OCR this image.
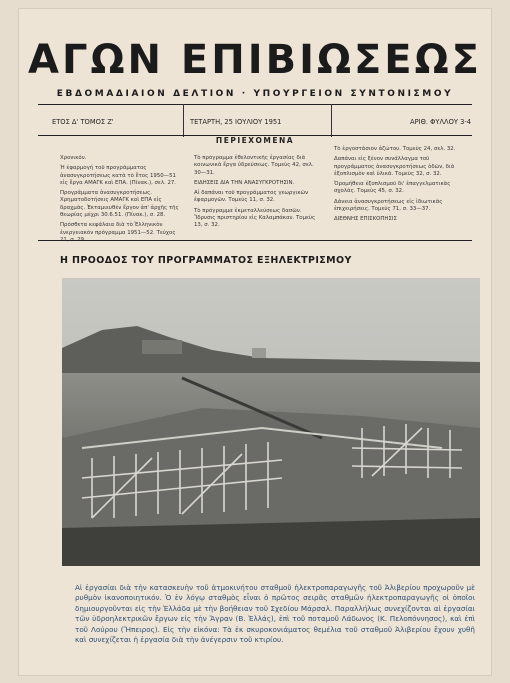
ΑΓΩΝ ΕΠΙΒΙΩΣΕΩΣ
ΕΒΔΟΜΑΔΙΑΙΟΝ ΔΕΛΤΙΟΝ · ΥΠΟΥΡΓΕΙΟΝ ΣΥΝΤΟΝΙΣΜΟΥ
ΕΤΟΣ Δ' ΤΟΜΟΣ Ζ'	ΤΕΤΑΡΤΗ, 25 ΙΟΥΛΙΟΥ 1951	ΑΡΙΘ. ΦΥΛΛΟΥ 3-4
ΠΕΡΙΕΧΟΜΕΝΑ

Χρονικόν.

Ή έφαρμογή τοῦ προγράμματος ἀνασυγκροτήσεως κατὰ τὸ ἔτος 1950—51 εἰς ἔργα ΑΜΑΓΚ καὶ ΕΠΑ. (Πίνακ.), σελ. 27.

Προγράμματα ἀνασυγκροτήσεως. Χρηματοδοτήσεις ΑΜΑΓΚ καὶ ΕΠΑ εἰς δραχμὰς. Ἐκταμιευθέν ἔργον ἀπ' ἀρχῆς τῆς θεωρίας μέχρι 30.6.51. (Πίνακ.), σ. 28.

Πρόσθετα κεφάλαια διὰ τὸ Ἑλληνικὸν ἐνεργειακὸν πρόγραμμα 1951—52. Τεύχος 21, σ. 29.

Τὸ πρόγραμμα ἐθελοντικῆς ἐργασίας διὰ κοινωνικὰ ἔργα ὑδρεύσεως. Τομεὺς 42, σελ. 30—31.

ΕΙΔΗΣΕΙΣ ΔΙΑ ΤΗΝ ΑΝΑΣΥΓΚΡΟΤΗΣΙΝ.

Αἱ δαπάναι τοῦ προγράμματος γεωργικῶν ἐφαρμογῶν. Τομεὺς 11, σ. 32.

Τὸ πρόγραμμα ἐκμεταλλεύσεως δασῶν. Ἵδρυσις πριστηρίου εἰς Καλαμπάκαν. Τομεὺς 13, σ. 32.

Τὸ ἐργοστάσιον ἀζώτου. Τομεὺς 24, σελ. 32.

Δαπάναι εἰς ξένον συνάλλαγμα τοῦ προγράμματος ἀνασυγκροτήσεως ὁδῶν, διὰ ἐξοπλισμὸν καὶ ὑλικά. Τομεὺς 32, σ. 32.

Ὁρομήθεια ἐξοπλισμοῦ δι' ἐπαγγελματικὰς σχολάς. Τομεὺς 45, σ. 32.

Δάνεια ἀνασυγκροτήσεως εἰς ἰδιωτικὰς ἐπιχειρήσεις. Τομεὺς 71, σ. 33—37.

ΔΙΕΘΝΗΣ ΕΠΙΣΚΟΠΗΣΙΣ

Η ΠΡΟΟΔΟΣ ΤΟΥ ΠΡΟΓΡΑΜΜΑΤΟΣ ΕΞΗΛΕΚΤΡΙΣΜΟΥ
Αἱ ἐργασίαι διὰ τὴν κατασκευὴν τοῦ ἀτμοκινήτου σταθμοῦ ἠλεκτροπαραγωγῆς τοῦ Ἀλιβερίου προχωροῦν μὲ ρυθμὸν ἱκανοποιητικόν. Ὁ ἐν λόγῳ σταθμὸς εἶναι ὁ πρῶτος σειρᾶς σταθμῶν ἠλεκτροπαραγωγῆς οἱ ὁποῖοι δημιουργοῦνται εἰς τὴν Ἑλλάδα μὲ τὴν βοήθειαν τοῦ Σχεδίου Μάρσαλ. Παραλλήλως συνεχίζονται αἱ ἐργασίαι τῶν ὑδροηλεκτρικῶν ἔργων εἰς τὴν Ἄγραν (Β. Ἑλλάς), ἐπὶ τοῦ ποταμοῦ Λάδωνος (Κ. Πελοπόννησος), καὶ ἐπὶ τοῦ Λούρου (Ἤπειρος). Εἰς τὴν εἰκόνα: Τὰ ἐκ σκυροκονιάματος θεμέλια τοῦ σταθμοῦ Ἀλιβερίου ἔχουν χυθῆ καὶ συνεχίζεται ἡ ἐργασία διὰ τὴν ἀνέγερσιν τοῦ κτιρίου.
